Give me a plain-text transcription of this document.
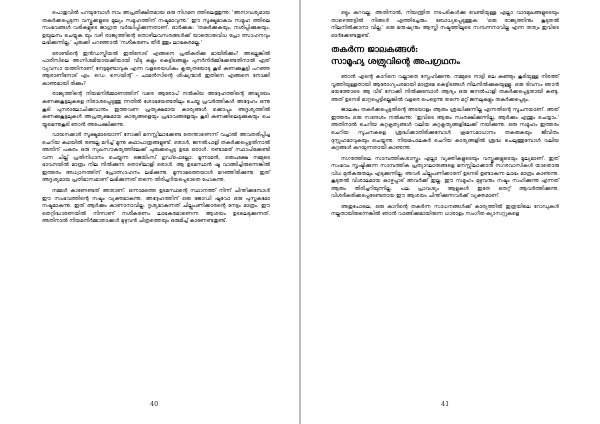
പൊതുവിൽ പറയുമ്പോൾ നാം അപ്രതീക്ഷിതമായ ഒരു നിഗമന ത്തിലെത്തുന്നു: 'അനാവശ്യമായ തകർക്കപ്പെടുന്ന വസ്തുക്കളുടെ മൂല്യം സമൂഹത്തിന് നഷ്ടമാവുന്നു.' ഈ സൂക്ഷ്മമാകാം സമൂഹ ത്തിലെ സംഭവങ്ങൾ വരികളുടെ ജാഗ്രത വർദ്ധിപ്പിക്കുന്നതാണ്. ഓർക്കുക: 'തകർക്കുകയും, നശിപ്പിക്കുകയും, ഉയുലനം ചെയ്യുക യും വഴി രാജ്യത്തിന്റെ തൊഴിലവസരങ്ങൾക്ക് യാതൊരുവിധ പ്രോ ത്സാഹനവും ലഭിക്കുന്നില്ല.' ചുരുക്കി പറഞ്ഞാൽ 'നശീകരണം തീർ ത്തും ലാഭകരമല്ല.'

രോണ്ടിന്റെ ഇൻഡസ്ട്രിയൽ ഇതിനോട് എങ്ങനെ പ്രതികരിക്കു മായിരിക്കും? അല്ലെങ്കിൽ പാരീസിലെ അഗ്നിശമിയായക്കിയായി വീടു കളും കെട്ടിടങ്ങളും പുനർനിർമ്മിക്കേണ്ടതിനാൽ ഏത് വ്യവസാ യത്തിനാണ് നേട്ടമുണ്ടാവുക എന്ന വളരെയധികം കൃത്യതയോടു കൂടി കണക്കുകൂട്ടി പറഞ്ഞ ആരാണീനോട് എം. ഡെ. സെയിന്റ് - ചാമൻസിന്റെ ശിഷ്യന്മാർ ഇതിനെ എങ്ങനെ നോക്കി കാണുമായി രിക്കും?

രാജ്യത്തിന്റെ നിയമനിർമ്മാണത്തിന് വരെ ആരോപ് നൽകിയ അദ്ദേഹത്തിന്റെ അഭ്യുദയം കണക്കുകൂട്ടലുകളെ നിരാശപ്പെടുത്തു ന്നതിൽ ശോഭയേണ്ടതിലും ചെയ്ത പ്രവർത്തികൾ അദ്ദേഹം ഒന്നു കൂടി പുനരാലോചിക്കുവാനും ഇത്തവണ പ്രത്യക്ഷമായ കാര്യങ്ങൾ ക്കൊപ്പം അദൃശ്യത്തിൽ കണക്കുകൂട്ടലുകൾ അപ്രത്യക്ഷമായ കാര്യങ്ങളെയും പ്രഭാവങ്ങളേയും കൂടി കണക്കിലെടുക്കുകയും ചെ യ്യുമെന്നുകൂടി ഞാൻ അപേക്ഷിക്കുന്നു.

വായനക്കാർ സൂക്ഷ്മമായൊന്ന് നോക്കി മനസ്സിലാക്കേണ്ട തെന്താണെന്ന് വച്ചാൽ അവതരിപ്പിച്ച ചെറിയ കഥയിൽ രണ്ടല്ല മറിച്ച് മൂന്നു കഥാപാത്രങ്ങളുണ്ട്. ഒരാൾ, ജനൽപാളി തകർക്കപ്പെട്ടതിനാൽ അതിന് പകരം ഒരു സുഖസൗകര്യത്തിലേക്ക് ചുരുക്കപ്പെട്ട ഉടമ ഒരാൾ. രണ്ടാമത് സ്ഥാപിക്കേണ്ടി വന്ന ചില്ല് പ്രതിനിധാനം ചെയ്യുന്ന ജെയിംസ് ഗുഡ്ഫെല്ലോ. മൂന്നാമൻ, ഒരുപക്ഷേ നമ്മുടെ ഭാവനയിൽ മാത്രം നില നിൽക്കുന്ന തൊഴിലാളി ഒരാൾ. ആ ഉടമസ്ഥൻ ഷൂ വാങ്ങിച്ചിരുന്നെങ്കിൽ ഇത്തരം അധ്വാനത്തിന് പ്രോത്സാഹനം ലഭിക്കുന്നു. മൂന്നാമത്തെയാൾ മറഞ്ഞിരിക്കുന്നു. ഇത് അദൃശ്യമായ പ്രതിഭാസമാണ് ലഭിക്കുന്നത് തന്നെ തിരിച്ചറിയപ്പെടാതെ പോകുന്നു.

നമ്മൾ കാണേണ്ടത് അതാണ്. ഒന്നാമത്തെ ഉടമസ്ഥന്റെ സ്ഥാനത്ത് നിന്ന് ചിന്തിക്കുമ്പോൾ ഈ സംഭവത്തിന്റെ നഷ്ടം വ്യക്തമാകുന്നു. അദ്ദേഹത്തിന് ഒരു ജോഡി ഷൂവോ ഒരു പുസ്തകമോ നഷ്ടമാകുന്നു. ഇത് ആർക്കും കാണാനാവില്ല. ദൃശ്യമാകുന്നത് ചില്ലുപണിക്കാരന്റെ നേട്ടം മാത്രം. ഈ തെറ്റിദ്ധാരണയിൽ നിന്നാണ് നശീകരണം ലാഭകരമാണെന്ന ആശയം ഉടലെടുക്കുന്നത്. അതിനാൽ നിയമനിർമ്മാതാക്കൾ മുഴുവൻ ചിത്രത്തെയും ഒരുമിച്ച് കാണേണ്ടതുണ്ട്.

40

ഒട്ടും കുറവല്ല. അതിനാൽ, നിയന്ത്രിത നടപടികൾക്കു വേണ്ടിയുള്ള എല്ലാ വാദമുഖങ്ങളുടെയും താഴെത്തട്ടിൽ നിങ്ങൾ എത്തിച്ചേരും. ബോധ്യപ്പെടുത്തുക: 'ഒരു രാജ്യത്തിനും കൂടുതൽ നിലനിൽക്കാനാ വില്ല.' ഒരു മനുഷ്യനും ആസ്തി നഷ്ടത്തിലൂടെ സമ്പന്നനാവില്ല എന്ന തത്വം ഇവിടെ ഓർക്കേണ്ടതുണ്ട്.

തകർന്ന ജാലകങ്ങൾ:

സാമൂഹ്യ ശത്രുവിന്റെ അപഗ്രഥനം

ഞാൻ എന്റെ കാറിനെ വല്ലാതെ സ്നേഹിക്കുന്നു. നമ്മുടെ നാട്ടി ലെ കുഞ്ഞും കൂടിയുള്ള നിരത്ത് വൃത്തിയുള്ളതായി ആരോഗ്യപരമായി മാത്രമേ കെട്ടിടങ്ങൾ നിലനിൽക്കുകയുള്ളൂ. ഒരു ദിവസം ഞാൻ ഭയത്തോടെ ആ വീട് നോക്കി നിൽക്കുമ്പോൾ ആദ്യം ഒരു ജനൽപാളി തകർക്കപ്പെട്ടതായി കണ്ടു. അത് ഉടനടി മാറ്റപ്പെട്ടില്ലെങ്കിൽ വളരെ പെട്ടെന്നു തന്നെ മറ്റ് ജനലുകളും തകർക്കപ്പെടും.

ജാലകം തകർക്കപ്പെട്ടതിന്റെ അടയാളം ആരും ശ്രദ്ധിക്കുന്നില്ല എന്നതിന്റെ സൂചനയാണ്. അത് ഇത്തരം ഒരു സന്ദേശം നൽകുന്നു: 'ഇവിടെ ആരും സംരക്ഷിക്കുന്നില്ല, ആർക്കും എന്തും ചെയ്യാം.' അതിനാൽ ചെറിയ കുറ്റകൃത്യങ്ങൾ വലിയ കുറ്റകൃത്യങ്ങളിലേക്ക് നയിക്കുന്നു. ഒരു സമൂഹം ഇത്തരം ചെറിയ സൂചനകളെ ശ്രദ്ധിക്കാതിരിക്കുമ്പോൾ ക്രമസമാധാനം തകരുകയും ജീവിതം ദുസ്സഹമാവുകയും ചെയ്യുന്നു. നിയമപാലകർ ചെറിയ കാര്യങ്ങളിൽ ശ്രദ്ധ ചെലുത്തുമ്പോൾ വലിയ കുറ്റങ്ങൾ കുറയുന്നതായി കാണുന്നു.

നഗരത്തിലെ സാമ്പത്തികശാസ്ത്രം എല്ലാ വ്യക്തികളുടെയും വസ്തുക്കളുടെയും മൂല്യമാണ്. ഇത് സംഭവം സൃഷ്ടിക്കുന്ന സാമ്പത്തിക പ്രത്യാഘാതങ്ങളെ മനസ്സിലാക്കാൻ നഗരവാസികൾ യാതൊരു വിധ മുൻകരുതലും എടുക്കുന്നില്ല. അവർ ചില്ലുപണിക്കാരന് ഉടനടി ഉണ്ടാകുന്ന ലാഭം മാത്രം കാണുന്നു. കൂടുതൽ വിശാലമായ കാഴ്ചപ്പാട് അവർക്ക് ഇല്ല. ഈ സമൂഹം മുഴുവനും നഷ്ടം സഹിക്കുന്നു എന്നത് ആരും തിരിച്ചറിയുന്നില്ല. പല പ്രാവശ്യം ആളുകൾ ഇതേ തെറ്റ് ആവർത്തിക്കുന്നു. വിശദീകരിക്കപ്പെടേണ്ടതായ ഈ ആശയം ചിന്തിക്കുന്നവർക്ക് വ്യക്തമാണ്.

അതുപോലെ, ഒരു കാറിന്റെ തകർന്ന സാധനങ്ങൾക്ക് കാര്യത്തിൽ ഇത്രയിലെ റോഡുകൾ നല്ലതായിരുന്നെങ്കിൽ ഞാൻ വാങ്ങിക്കുമായിരുന്ന ധാരാളം സംഗീത ക്യാസറ്റുകളെ

41
